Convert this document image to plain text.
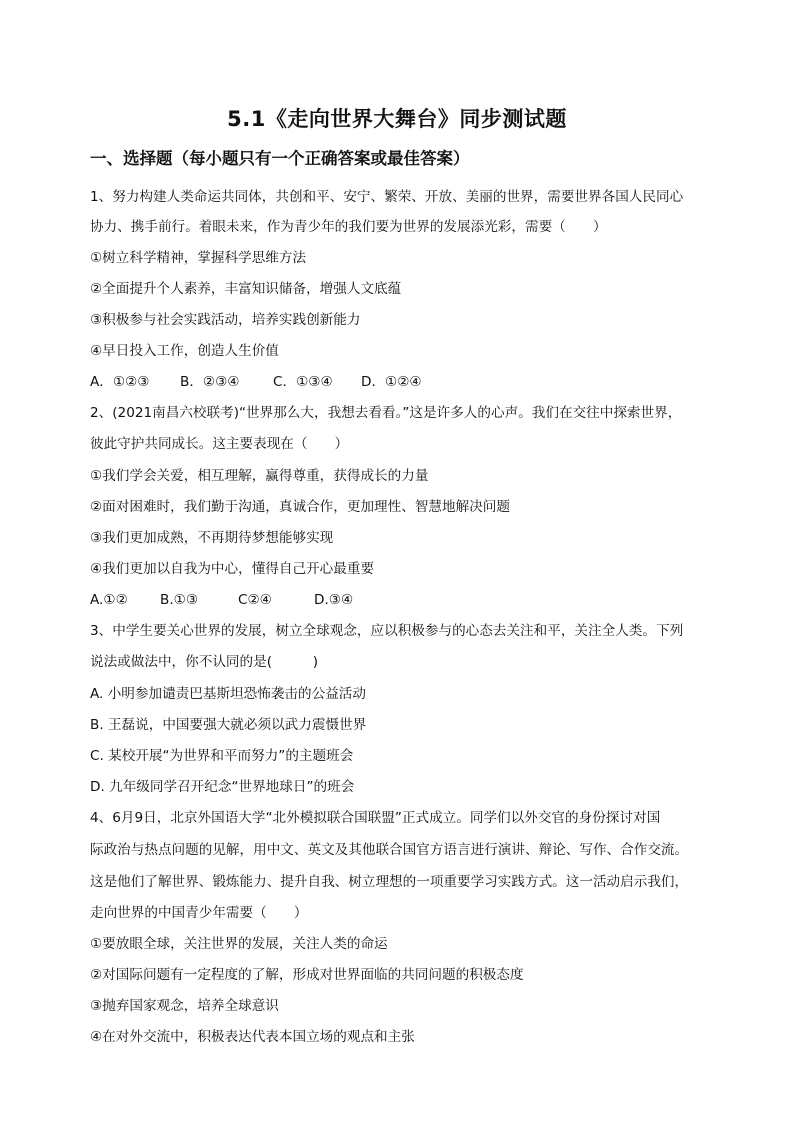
5.1《走向世界大舞台》同步测试题
一、选择题（每小题只有一个正确答案或最佳答案）
1、努力构建人类命运共同体，共创和平、安宁、繁荣、开放、美丽的世界，需要世界各国人民同心
协力、携手前行。着眼未来，作为青少年的我们要为世界的发展添光彩，需要（　　）
①树立科学精神，掌握科学思维方法
②全面提升个人素养，丰富知识储备，增强人文底蕴
③积极参与社会实践活动，培养实践创新能力
④早日投入工作，创造人生价值
A．①②③ B．②③④ C．①③④ D．①②④
2、(2021南昌六校联考)“世界那么大，我想去看看。”这是许多人的心声。我们在交往中探索世界，
彼此守护共同成长。这主要表现在（　　）
①我们学会关爱，相互理解，赢得尊重，获得成长的力量
②面对困难时，我们勤于沟通，真诚合作，更加理性、智慧地解决问题
③我们更加成熟，不再期待梦想能够实现
④我们更加以自我为中心，懂得自己开心最重要
A.①② B.①③	C②④	D.③④
3、中学生要关心世界的发展，树立全球观念，应以积极参与的心态去关注和平，关注全人类。下列
说法或做法中，你不认同的是(　　　)
A. 小明参加谴责巴基斯坦恐怖袭击的公益活动
B. 王磊说，中国要强大就必须以武力震慑世界
C. 某校开展“为世界和平而努力”的主题班会
D. 九年级同学召开纪念“世界地球日”的班会
4、6月9日，北京外国语大学“北外模拟联合国联盟”正式成立。同学们以外交官的身份探讨对国
际政治与热点问题的见解，用中文、英文及其他联合国官方语言进行演讲、辩论、写作、合作交流。
这是他们了解世界、锻炼能力、提升自我、树立理想的一项重要学习实践方式。这一活动启示我们，
走向世界的中国青少年需要（　　）
①要放眼全球，关注世界的发展，关注人类的命运
②对国际问题有一定程度的了解，形成对世界面临的共同问题的积极态度
③抛弃国家观念，培养全球意识
④在对外交流中，积极表达代表本国立场的观点和主张
